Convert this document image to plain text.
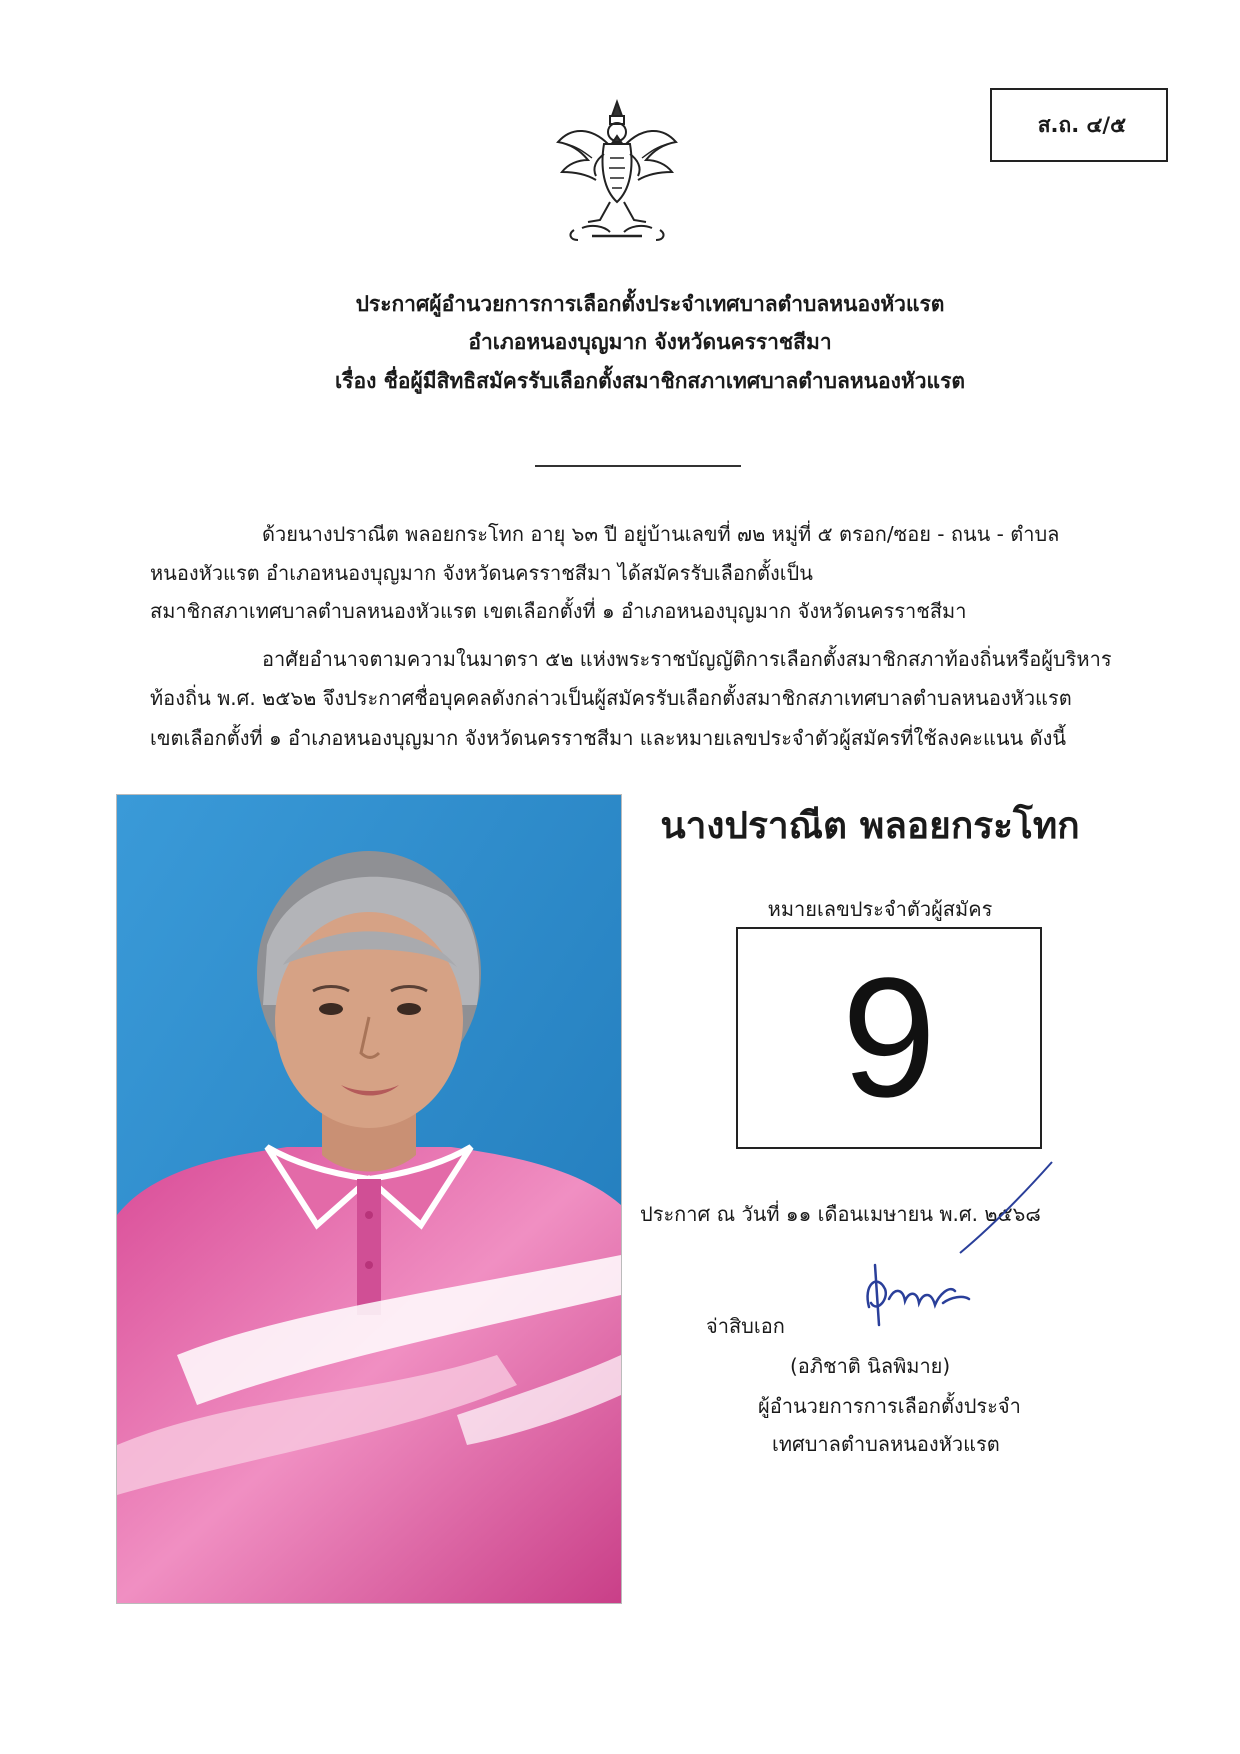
ส.ถ. ๔/๕
ประกาศผู้อำนวยการการเลือกตั้งประจำเทศบาลตำบลหนองหัวแรต
อำเภอหนองบุญมาก จังหวัดนครราชสีมา
เรื่อง ชื่อผู้มีสิทธิสมัครรับเลือกตั้งสมาชิกสภาเทศบาลตำบลหนองหัวแรต
ด้วยนางปราณีต พลอยกระโทก อายุ ๖๓ ปี อยู่บ้านเลขที่ ๗๒ หมู่ที่ ๕ ตรอก/ซอย - ถนน - ตำบล
หนองหัวแรต อำเภอหนองบุญมาก จังหวัดนครราชสีมา ได้สมัครรับเลือกตั้งเป็น
สมาชิกสภาเทศบาลตำบลหนองหัวแรต เขตเลือกตั้งที่ ๑ อำเภอหนองบุญมาก จังหวัดนครราชสีมา
อาศัยอำนาจตามความในมาตรา ๕๒ แห่งพระราชบัญญัติการเลือกตั้งสมาชิกสภาท้องถิ่นหรือผู้บริหาร
ท้องถิ่น พ.ศ. ๒๕๖๒ จึงประกาศชื่อบุคคลดังกล่าวเป็นผู้สมัครรับเลือกตั้งสมาชิกสภาเทศบาลตำบลหนองหัวแรต
เขตเลือกตั้งที่ ๑ อำเภอหนองบุญมาก จังหวัดนครราชสีมา และหมายเลขประจำตัวผู้สมัครที่ใช้ลงคะแนน ดังนี้
นางปราณีต พลอยกระโทก
หมายเลขประจำตัวผู้สมัคร
9
ประกาศ ณ วันที่ ๑๑ เดือนเมษายน พ.ศ. ๒๕๖๘
จ่าสิบเอก
(อภิชาติ นิลพิมาย)
ผู้อำนวยการการเลือกตั้งประจำ
เทศบาลตำบลหนองหัวแรต
